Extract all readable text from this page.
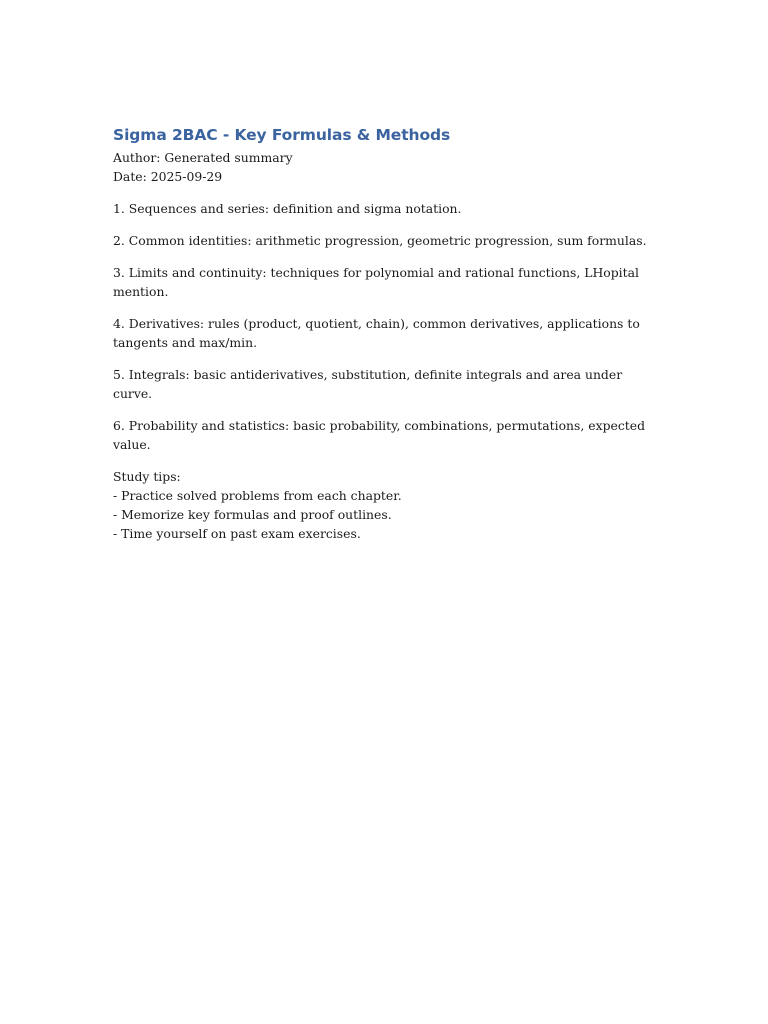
Sigma 2BAC - Key Formulas & Methods

Author: Generated summary

Date: 2025-09-29

1. Sequences and series: definition and sigma notation.

2. Common identities: arithmetic progression, geometric progression, sum formulas.

3. Limits and continuity: techniques for polynomial and rational functions, LHopital mention.

4. Derivatives: rules (product, quotient, chain), common derivatives, applications to tangents and max/min.

5. Integrals: basic antiderivatives, substitution, definite integrals and area under curve.

6. Probability and statistics: basic probability, combinations, permutations, expected value.

Study tips:

- Practice solved problems from each chapter.

- Memorize key formulas and proof outlines.

- Time yourself on past exam exercises.
